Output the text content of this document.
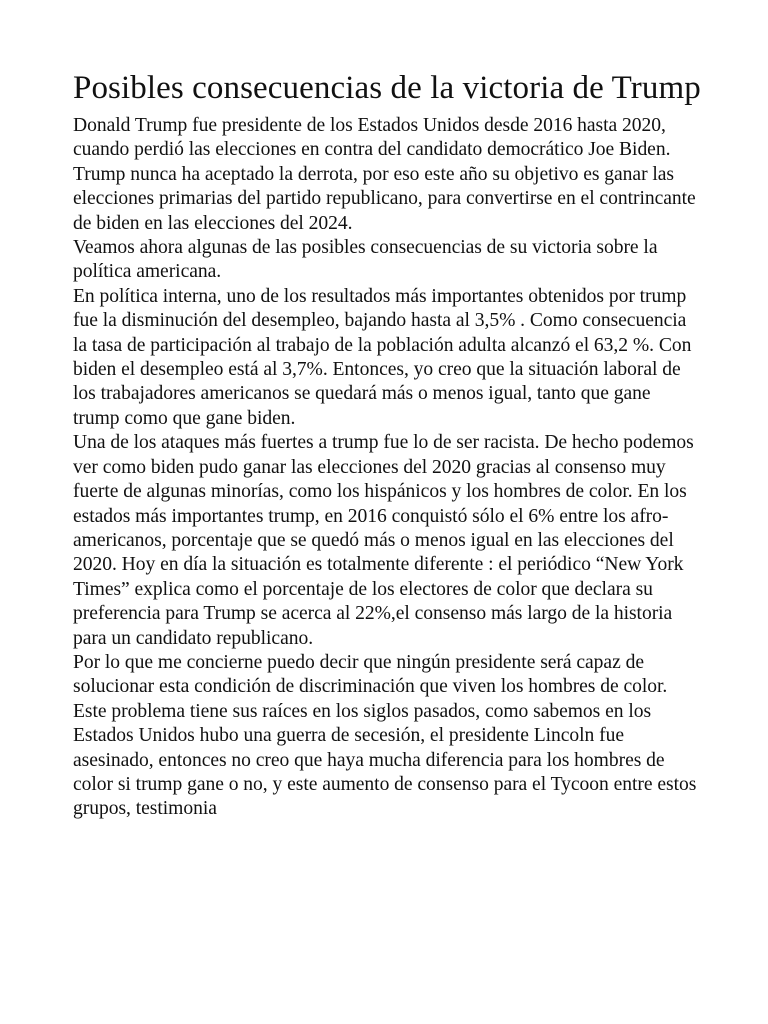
Posibles consecuencias de la victoria de Trump

Donald Trump fue presidente de los Estados Unidos desde 2016 hasta 2020, cuando perdió las elecciones en contra del candidato democrático Joe Biden.

Trump nunca ha aceptado la derrota, por eso este año su objetivo es ganar las elecciones primarias del partido republicano, para convertirse en el contrincante de biden en las elecciones del 2024.

Veamos ahora algunas de las posibles consecuencias de su victoria sobre la política americana.

En política interna, uno de los resultados más importantes obtenidos por trump fue la disminución del desempleo, bajando hasta al 3,5% . Como consecuencia la tasa de participación al trabajo de la población adulta alcanzó el 63,2 %. Con biden el desempleo está al 3,7%. Entonces, yo creo que la situación laboral de los trabajadores americanos se quedará más o menos igual, tanto que gane trump como que gane biden.

Una de los ataques más fuertes a trump fue lo de ser racista. De hecho podemos ver como biden pudo ganar las elecciones del 2020 gracias al consenso muy fuerte de algunas minorías, como los hispánicos y los hombres de color. En los estados más importantes trump, en 2016 conquistó sólo el 6% entre los afro-americanos, porcentaje que se quedó más o menos igual en las elecciones del 2020. Hoy en día la situación es totalmente diferente : el periódico “New York Times” explica como el porcentaje de los electores de color que declara su preferencia para Trump se acerca al 22%,el consenso más largo de la historia para un candidato republicano.

Por lo que me concierne puedo decir que ningún presidente será capaz de solucionar esta condición de discriminación que viven los hombres de color. Este problema tiene sus raíces en los siglos pasados, como sabemos en los Estados Unidos hubo una guerra de secesión, el presidente Lincoln fue asesinado, entonces no creo que haya mucha diferencia para los hombres de color si trump gane o no, y este aumento de consenso para el Tycoon entre estos grupos, testimonia
